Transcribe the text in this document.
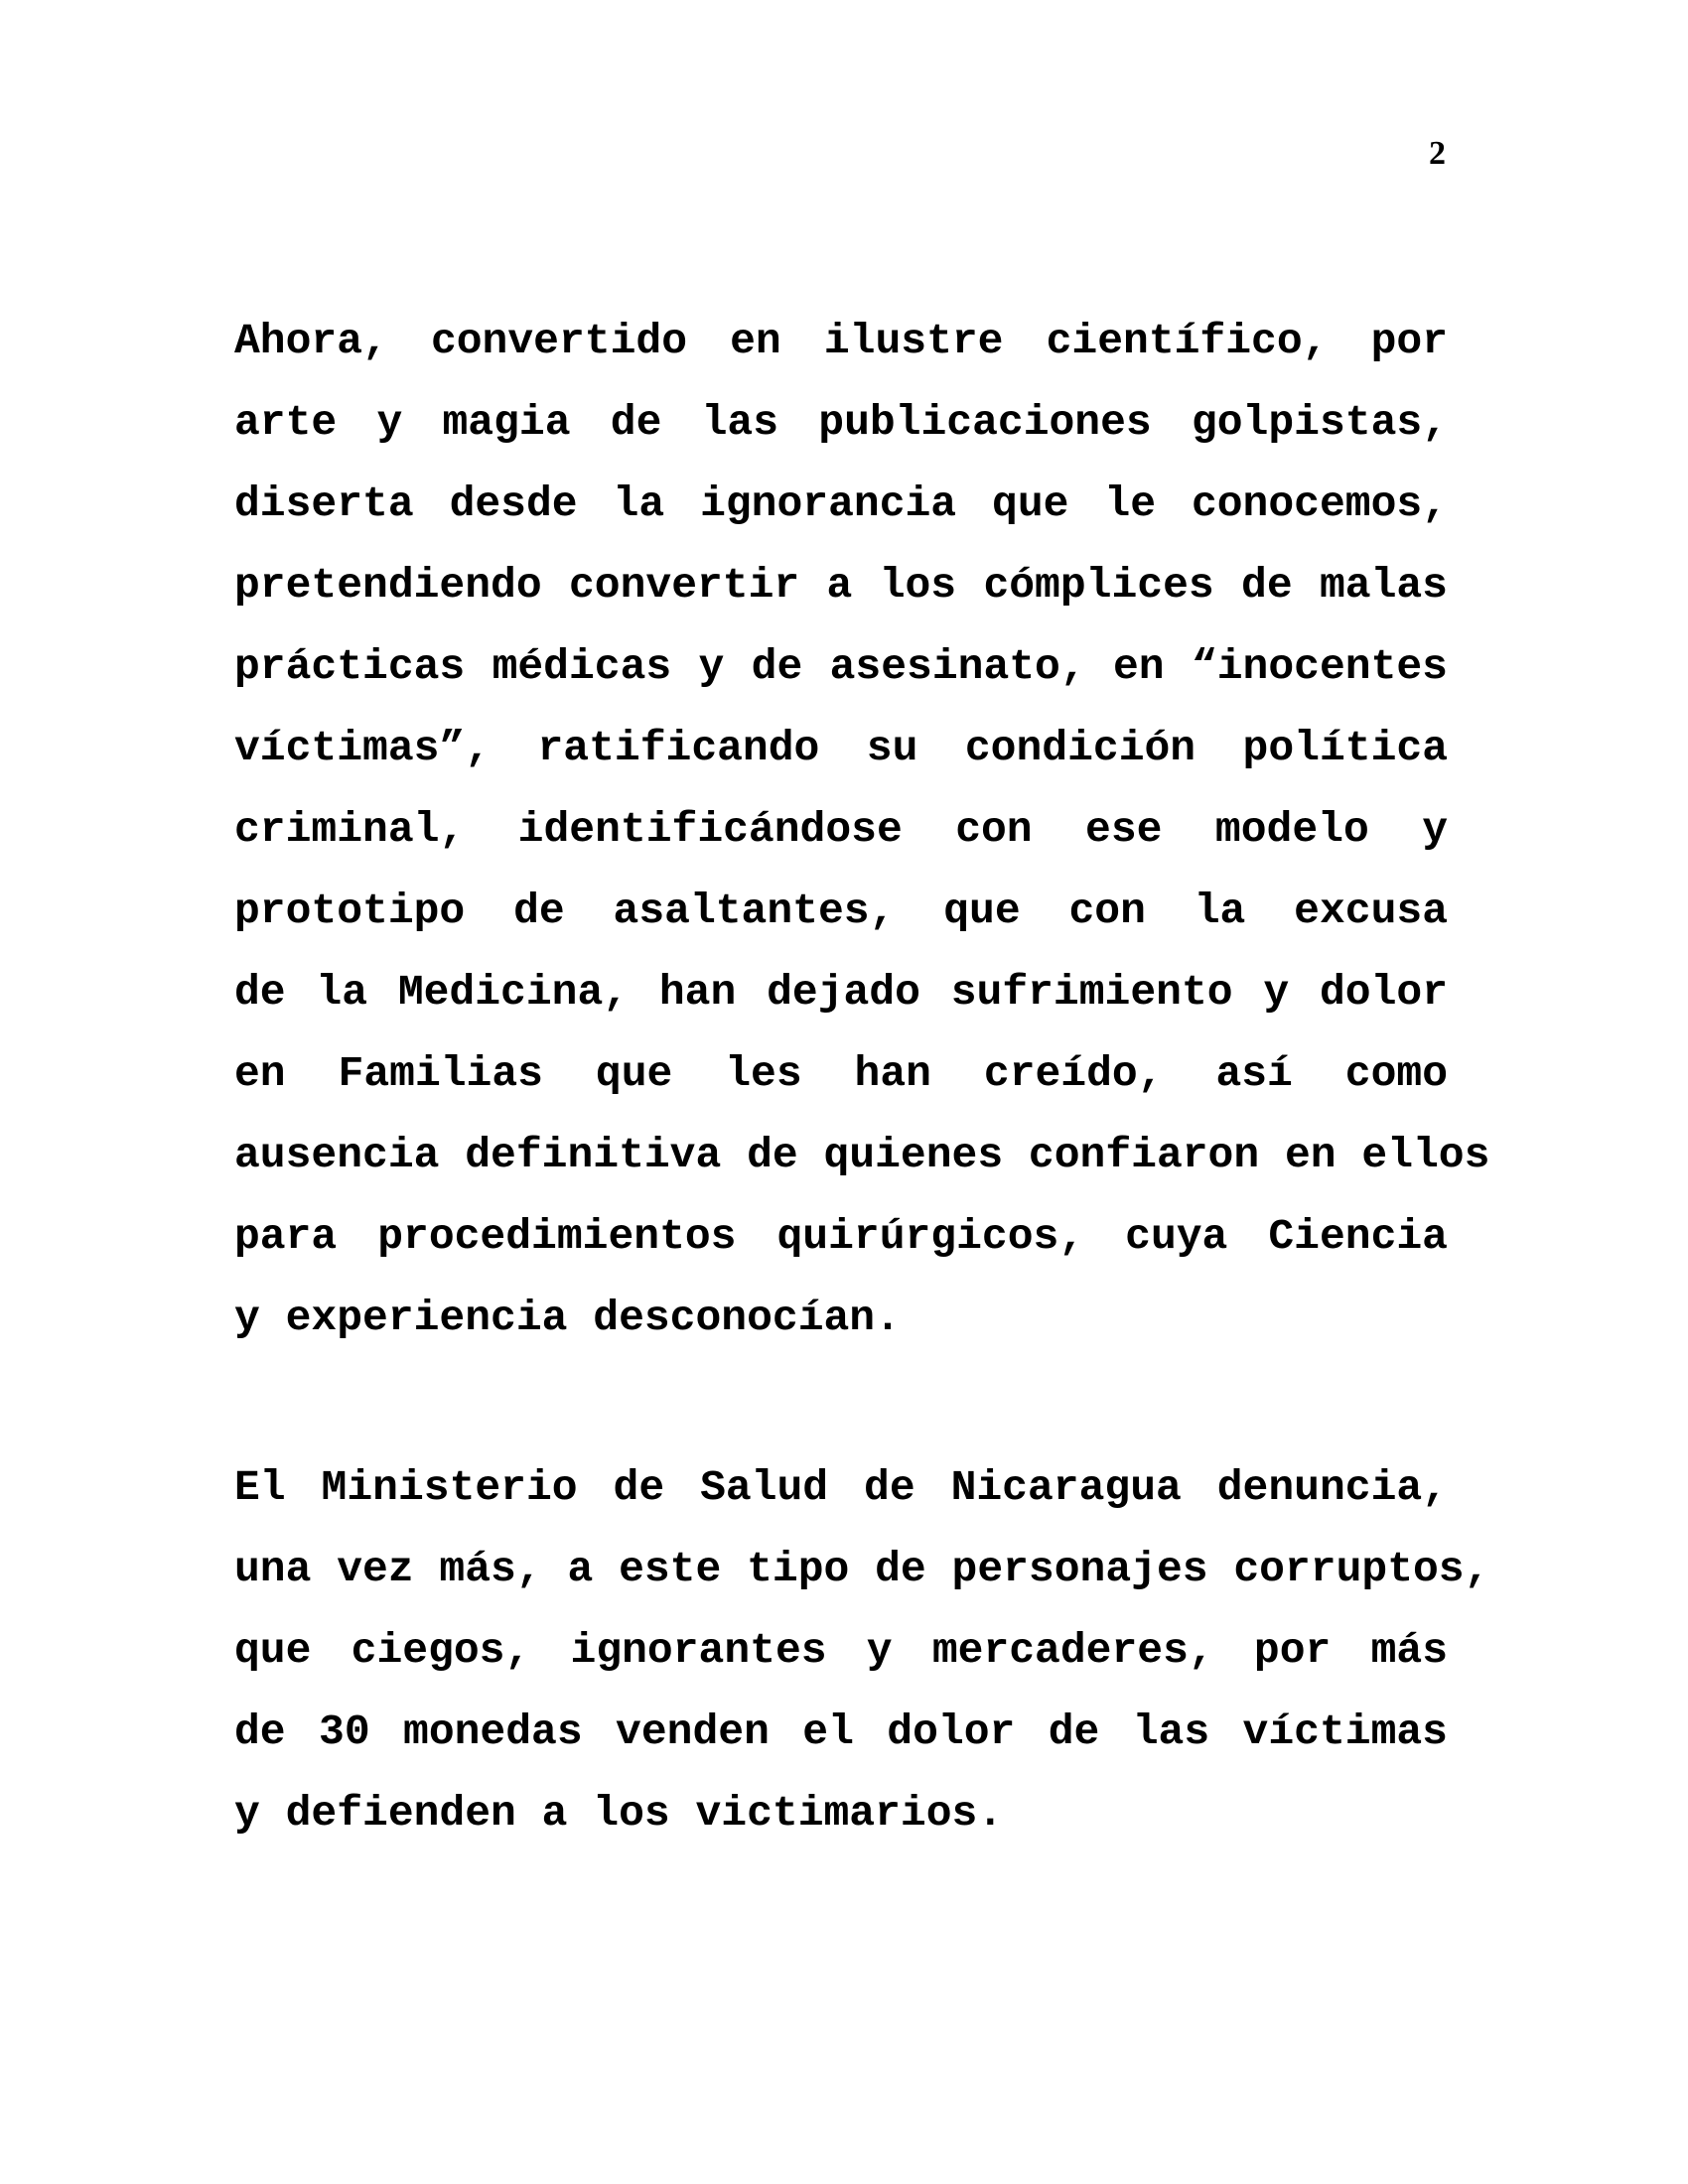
2

Ahora, convertido en ilustre científico, por
arte y magia de las publicaciones golpistas,
diserta desde la ignorancia que le conocemos,
pretendiendo convertir a los cómplices de malas
prácticas médicas y de asesinato, en “inocentes
víctimas”, ratificando su condición política
criminal, identificándose con ese modelo y
prototipo de asaltantes, que con la excusa
de la Medicina, han dejado sufrimiento y dolor
en Familias que les han creído, así como
ausencia definitiva de quienes confiaron en ellos
para procedimientos quirúrgicos, cuya Ciencia
y experiencia desconocían.

El Ministerio de Salud de Nicaragua denuncia,
una vez más, a este tipo de personajes corruptos,
que ciegos, ignorantes y mercaderes, por más
de 30 monedas venden el dolor de las víctimas
y defienden a los victimarios.
